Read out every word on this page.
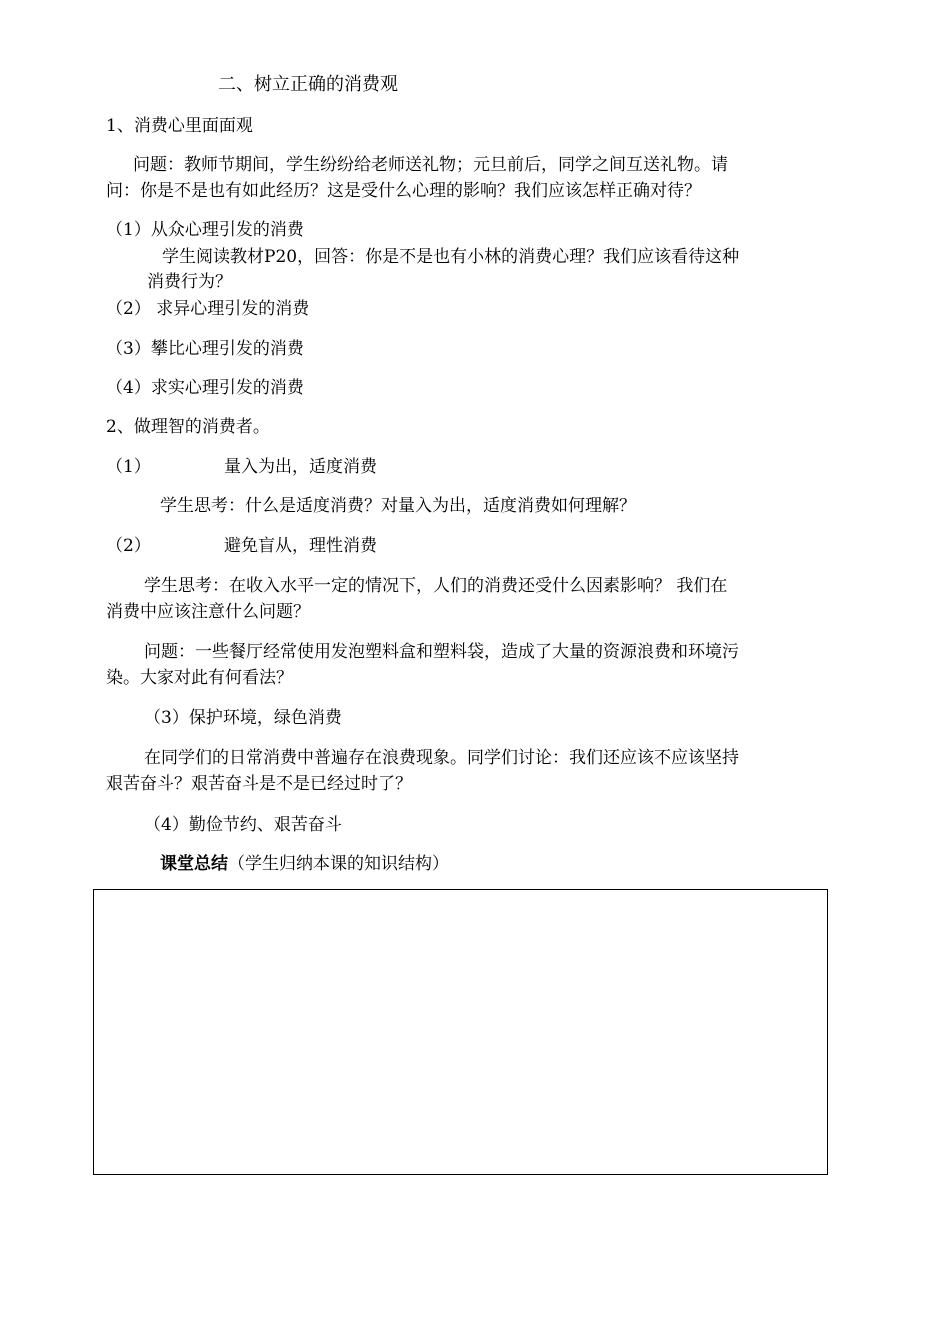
二、树立正确的消费观
1、消费心里面面观
问题：教师节期间，学生纷纷给老师送礼物；元旦前后，同学之间互送礼物。请
问：你是不是也有如此经历？这是受什么心理的影响？我们应该怎样正确对待？
（1）从众心理引发的消费
学生阅读教材P20，回答：你是不是也有小林的消费心理？我们应该看待这种
消费行为？
（2） 求异心理引发的消费
（3）攀比心理引发的消费
（4）求实心理引发的消费
2、做理智的消费者。
（1）	量入为出，适度消费
学生思考：什么是适度消费？对量入为出，适度消费如何理解？
（2）	避免盲从，理性消费
学生思考：在收入水平一定的情况下，人们的消费还受什么因素影响？ 我们在
消费中应该注意什么问题？
问题：一些餐厅经常使用发泡塑料盒和塑料袋，造成了大量的资源浪费和环境污
染。大家对此有何看法？
（3）保护环境，绿色消费
在同学们的日常消费中普遍存在浪费现象。同学们讨论：我们还应该不应该坚持
艰苦奋斗？艰苦奋斗是不是已经过时了？
（4）勤俭节约、艰苦奋斗
课堂总结（学生归纳本课的知识结构）
